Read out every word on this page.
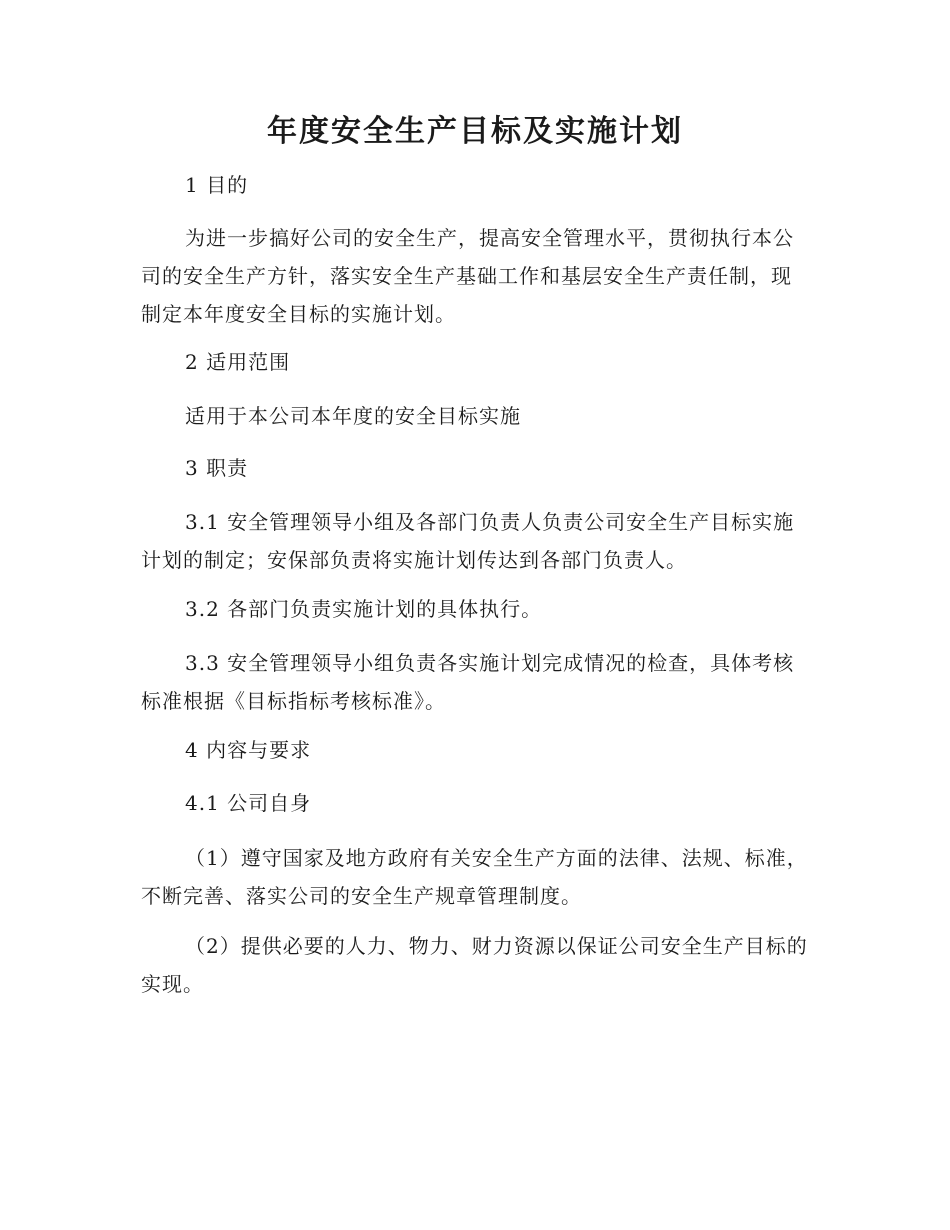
年度安全生产目标及实施计划
1 目的
为进一步搞好公司的安全生产，提高安全管理水平，贯彻执行本公司的安全生产方针，落实安全生产基础工作和基层安全生产责任制，现制定本年度安全目标的实施计划。
2 适用范围
适用于本公司本年度的安全目标实施
3 职责
3.1 安全管理领导小组及各部门负责人负责公司安全生产目标实施计划的制定；安保部负责将实施计划传达到各部门负责人。
3.2 各部门负责实施计划的具体执行。
3.3 安全管理领导小组负责各实施计划完成情况的检查，具体考核标准根据《目标指标考核标准》。
4 内容与要求
4.1 公司自身
（1）遵守国家及地方政府有关安全生产方面的法律、法规、标准，不断完善、落实公司的安全生产规章管理制度。
（2）提供必要的人力、物力、财力资源以保证公司安全生产目标的实现。
